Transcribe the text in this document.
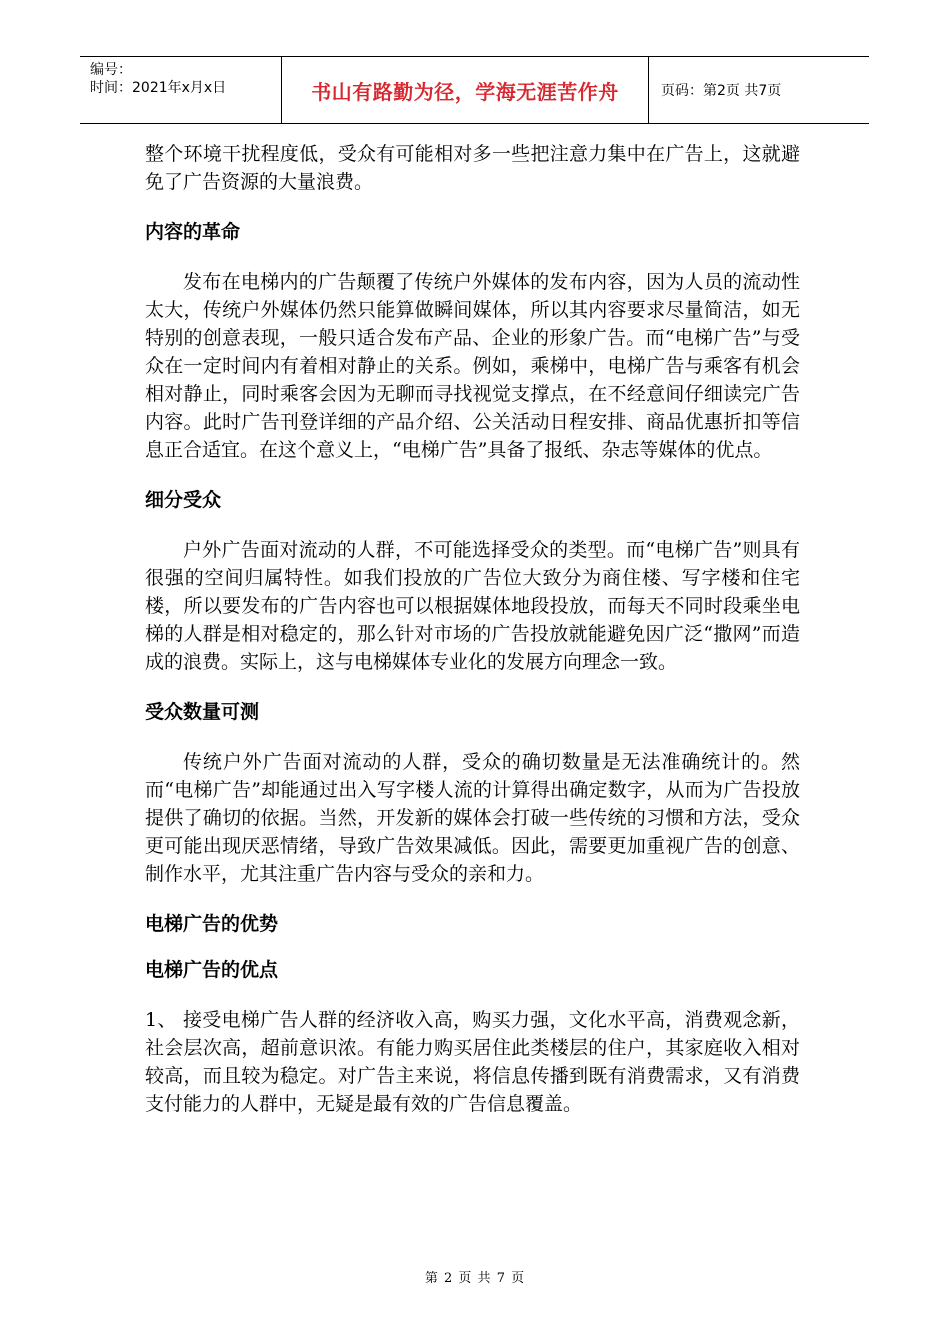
编号：
时间：2021年x月x日	书山有路勤为径，学海无涯苦作舟	页码：第2页 共7页

整个环境干扰程度低，受众有可能相对多一些把注意力集中在广告上，这就避免了广告资源的大量浪费。

内容的革命

发布在电梯内的广告颠覆了传统户外媒体的发布内容，因为人员的流动性太大，传统户外媒体仍然只能算做瞬间媒体，所以其内容要求尽量简洁，如无特别的创意表现，一般只适合发布产品、企业的形象广告。而“电梯广告”与受众在一定时间内有着相对静止的关系。例如，乘梯中，电梯广告与乘客有机会相对静止，同时乘客会因为无聊而寻找视觉支撑点，在不经意间仔细读完广告内容。此时广告刊登详细的产品介绍、公关活动日程安排、商品优惠折扣等信息正合适宜。在这个意义上，“电梯广告”具备了报纸、杂志等媒体的优点。

细分受众

户外广告面对流动的人群，不可能选择受众的类型。而“电梯广告”则具有很强的空间归属特性。如我们投放的广告位大致分为商住楼、写字楼和住宅楼，所以要发布的广告内容也可以根据媒体地段投放，而每天不同时段乘坐电梯的人群是相对稳定的，那么针对市场的广告投放就能避免因广泛“撒网”而造成的浪费。实际上，这与电梯媒体专业化的发展方向理念一致。

受众数量可测

传统户外广告面对流动的人群，受众的确切数量是无法准确统计的。然而“电梯广告”却能通过出入写字楼人流的计算得出确定数字，从而为广告投放提供了确切的依据。当然，开发新的媒体会打破一些传统的习惯和方法，受众更可能出现厌恶情绪，导致广告效果减低。因此，需要更加重视广告的创意、制作水平，尤其注重广告内容与受众的亲和力。

电梯广告的优势
电梯广告的优点

1、 接受电梯广告人群的经济收入高，购买力强，文化水平高，消费观念新，社会层次高，超前意识浓。有能力购买居住此类楼层的住户，其家庭收入相对较高，而且较为稳定。对广告主来说，将信息传播到既有消费需求，又有消费支付能力的人群中，无疑是最有效的广告信息覆盖。

第 2 页 共 7 页
